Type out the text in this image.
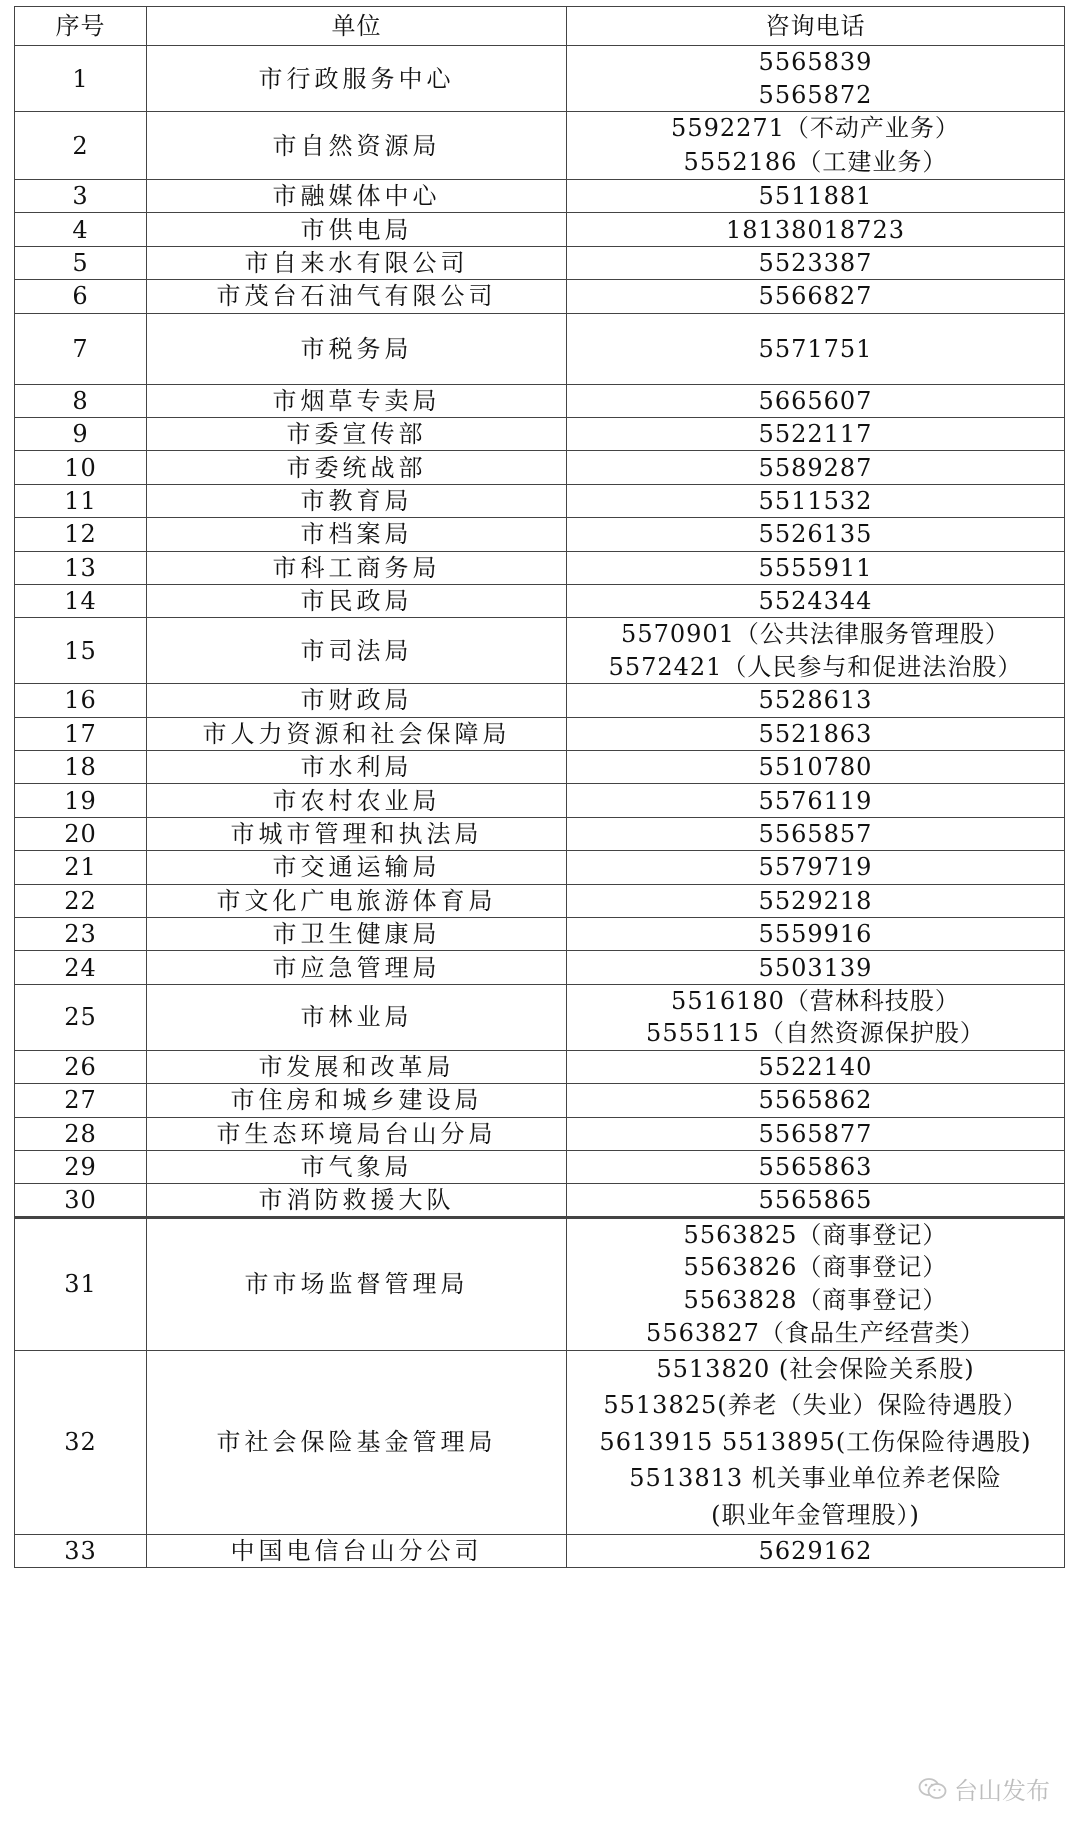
序号	单位	咨询电话
1	市行政服务中心	5565839
5565872

2	市自然资源局	5592271（不动产业务）
5552186（工建业务）

3	市融媒体中心	5511881

4	市供电局	18138018723

5	市自来水有限公司	5523387

6	市茂台石油气有限公司	5566827

7	市税务局	5571751

8	市烟草专卖局	5665607

9	市委宣传部	5522117

10	市委统战部	5589287

11	市教育局	5511532

12	市档案局	5526135

13	市科工商务局	5555911

14	市民政局	5524344

15	市司法局	5570901（公共法律服务管理股）
5572421（人民参与和促进法治股）

16	市财政局	5528613

17	市人力资源和社会保障局	5521863

18	市水利局	5510780

19	市农村农业局	5576119

20	市城市管理和执法局	5565857

21	市交通运输局	5579719

22	市文化广电旅游体育局	5529218

23	市卫生健康局	5559916

24	市应急管理局	5503139

25	市林业局	5516180（营林科技股）
5555115（自然资源保护股）

26	市发展和改革局	5522140

27	市住房和城乡建设局	5565862

28	市生态环境局台山分局	5565877

29	市气象局	5565863

30	市消防救援大队	5565865

31	市市场监督管理局	5563825（商事登记）
5563826（商事登记）
5563828（商事登记）
5563827（食品生产经营类）

32	市社会保险基金管理局	5513820 (社会保险关系股)
5513825(养老（失业）保险待遇股）
5613915 5513895(工伤保险待遇股)
5513813 机关事业单位养老保险
(职业年金管理股）)

33	中国电信台山分公司	5629162
台山发布
